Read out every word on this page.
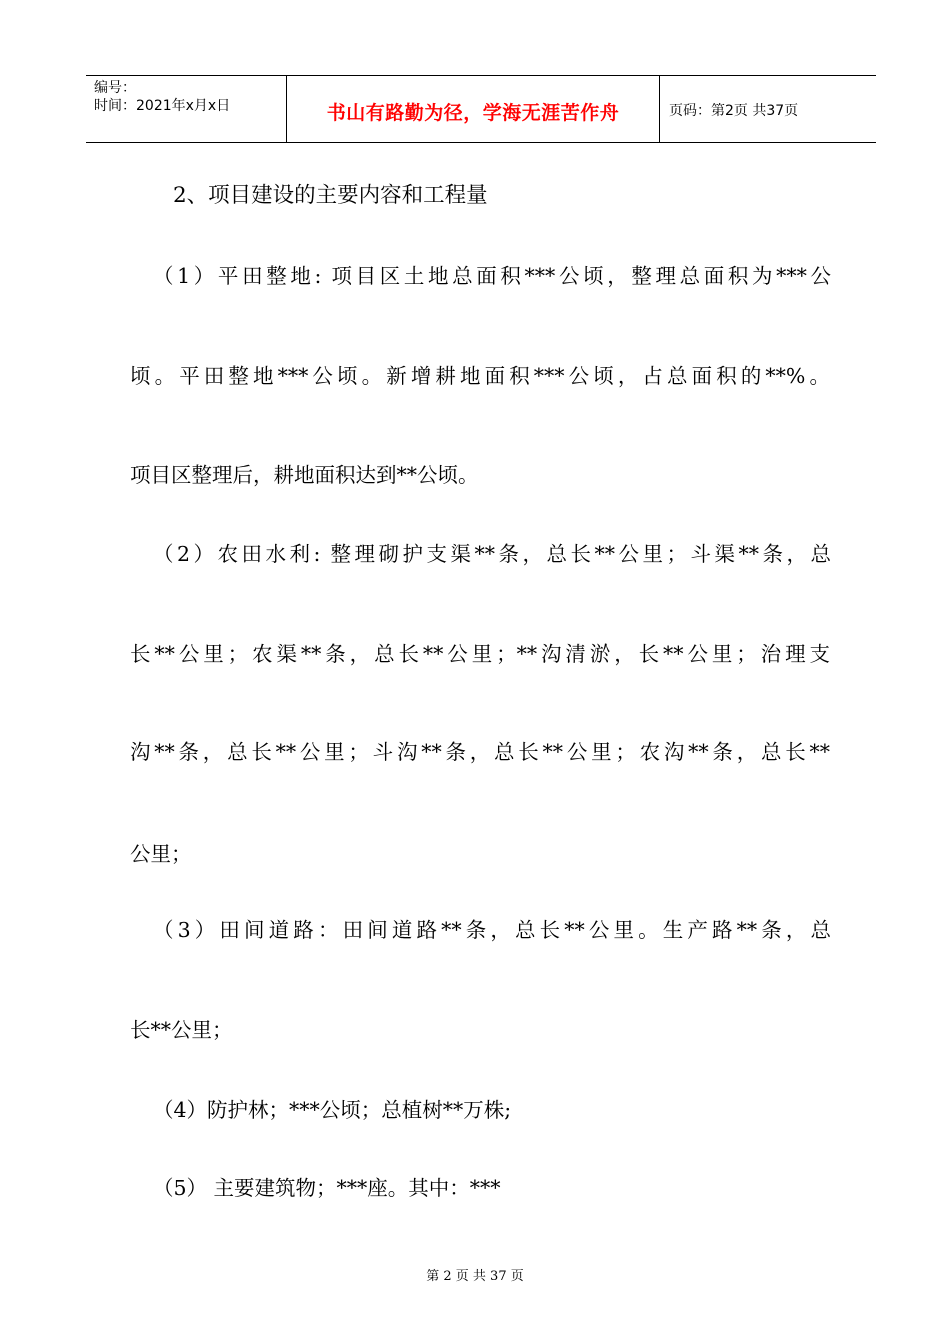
编号：
时间：2021年x月x日	书山有路勤为径，学海无涯苦作舟	页码：第2页 共37页
2、项目建设的主要内容和工程量
（1）平田整地: 项目区土地总面积***公顷，整理总面积为***公
顷。平田整地***公顷。新增耕地面积***公顷，占总面积的**%。
项目区整理后，耕地面积达到**公顷。
（2）农田水利: 整理砌护支渠**条，总长**公里；斗渠**条，总
长**公里；农渠**条，总长**公里；**沟清淤，长**公里；治理支
沟**条，总长**公里；斗沟**条，总长**公里；农沟**条，总长**
公里；
（3）田间道路：田间道路**条，总长**公里。生产路**条，总
长**公里；
（4）防护林；***公顷；总植树**万株;
（5） 主要建筑物；***座。其中：***
第 2 页 共 37 页
